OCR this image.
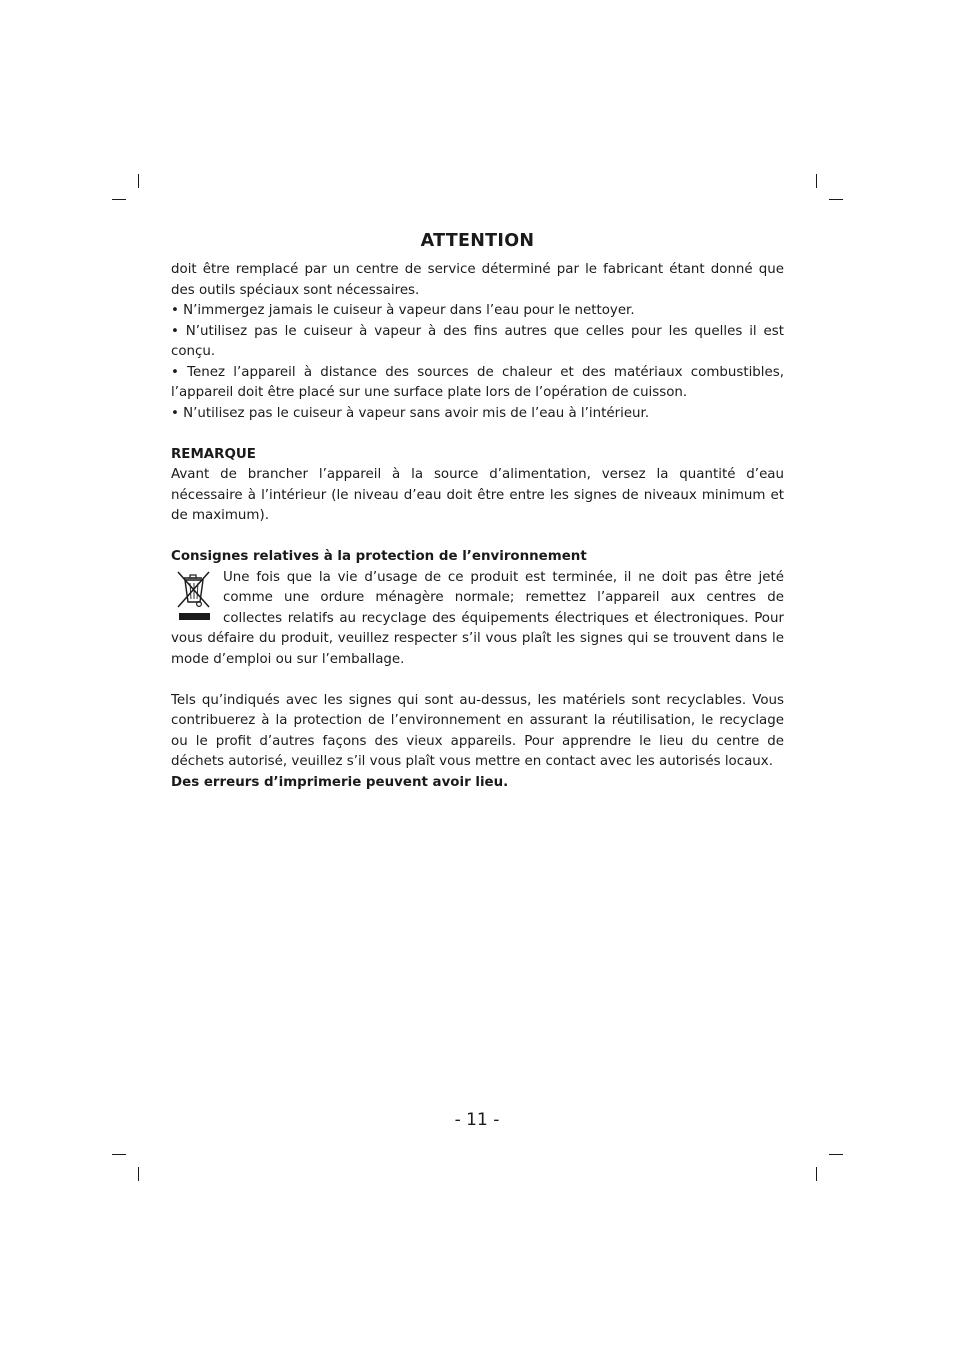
ATTENTION

doit être remplacé par un centre de service déterminé par le fabricant étant donné que des outils spéciaux sont nécessaires.

• N’immergez jamais le cuiseur à vapeur dans l’eau pour le nettoyer.

• N’utilisez pas le cuiseur à vapeur à des fins autres que celles pour les quelles il est conçu.

• Tenez l’appareil à distance des sources de chaleur et des matériaux combustibles, l’appareil doit être placé sur une surface plate lors de l’opération de cuisson.

• N’utilisez pas le cuiseur à vapeur sans avoir mis de l’eau à l’intérieur.

REMARQUE

Avant de brancher l’appareil à la source d’alimentation, versez la quantité d’eau nécessaire à l’intérieur (le niveau d’eau doit être entre les signes de niveaux minimum et de maximum).

Consignes relatives à la protection de l’environnement

Une fois que la vie d’usage de ce produit est terminée, il ne doit pas être jeté comme une ordure ménagère normale; remettez l’appareil aux centres de collectes relatifs au recyclage des équipements électriques et électroniques. Pour vous défaire du produit, veuillez respecter s’il vous plaît les signes qui se trouvent dans le mode d’emploi ou sur l’emballage.

Tels qu’indiqués avec les signes qui sont au-dessus, les matériels sont recyclables. Vous contribuerez à la protection de l’environnement en assurant la réutilisation, le recyclage ou le profit d’autres façons des vieux appareils. Pour apprendre le lieu du centre de déchets autorisé, veuillez s’il vous plaît vous mettre en contact avec les autorisés locaux.

Des erreurs d’imprimerie peuvent avoir lieu.

- 11 -
